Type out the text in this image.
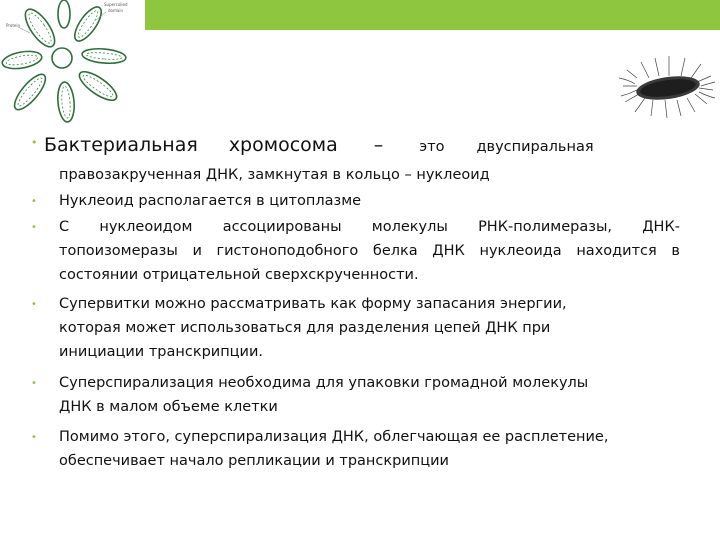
Protein
Supercoiled
domain
• Бактериальная хромосома – это двуспиральная
правозакрученная ДНК, замкнутая в кольцо – нуклеоид
• Нуклеоид располагается в цитоплазме
• С нуклеоидом ассоциированы молекулы РНК-полимеразы, ДНК-
топоизомеразы и гистоноподобного белка ДНК нуклеоида находится в
состоянии отрицательной сверхскрученности.
• Супервитки можно рассматривать как форму запасания энергии,
которая может использоваться для разделения цепей ДНК при
инициации транскрипции.
• Суперспирализация необходима для упаковки громадной молекулы
ДНК в малом объеме клетки
• Помимо этого, суперспирализация ДНК, облегчающая ее расплетение,
обеспечивает начало репликации и транскрипции
